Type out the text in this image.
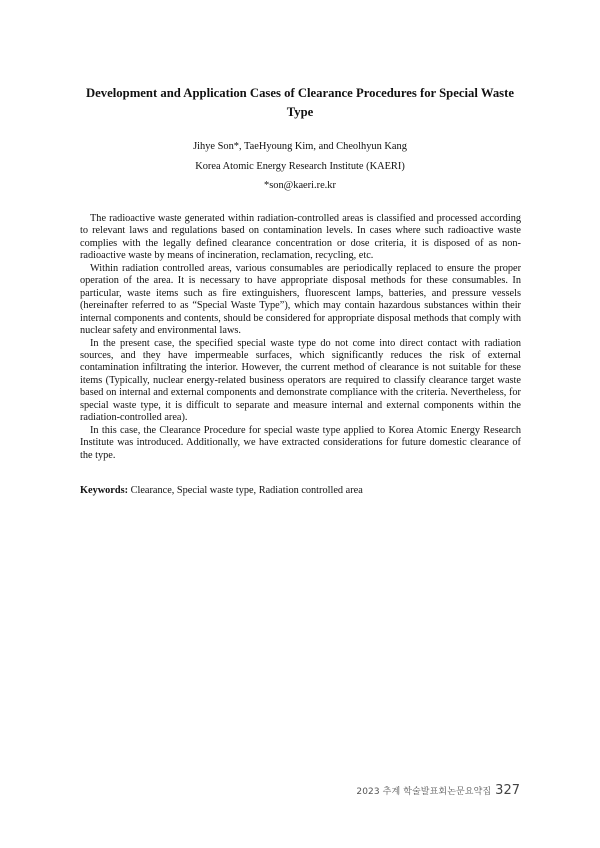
Development and Application Cases of Clearance Procedures for Special Waste Type
Jihye Son*, TaeHyoung Kim, and Cheolhyun Kang
Korea Atomic Energy Research Institute (KAERI)
*son@kaeri.re.kr

The radioactive waste generated within radiation-controlled areas is classified and processed according to relevant laws and regulations based on contamination levels. In cases where such radioactive waste complies with the legally defined clearance concentration or dose criteria, it is disposed of as non-radioactive waste by means of incineration, reclamation, recycling, etc.

Within radiation controlled areas, various consumables are periodically replaced to ensure the proper operation of the area. It is necessary to have appropriate disposal methods for these consumables. In particular, waste items such as fire extinguishers, fluorescent lamps, batteries, and pressure vessels (hereinafter referred to as “Special Waste Type”), which may contain hazardous substances within their internal components and contents, should be considered for appropriate disposal methods that comply with nuclear safety and environmental laws.

In the present case, the specified special waste type do not come into direct contact with radiation sources, and they have impermeable surfaces, which significantly reduces the risk of external contamination infiltrating the interior. However, the current method of clearance is not suitable for these items (Typically, nuclear energy-related business operators are required to classify clearance target waste based on internal and external components and demonstrate compliance with the criteria. Nevertheless, for special waste type, it is difficult to separate and measure internal and external components within the radiation-controlled area).

In this case, the Clearance Procedure for special waste type applied to Korea Atomic Energy Research Institute was introduced. Additionally, we have extracted considerations for future domestic clearance of the type.

Keywords: Clearance, Special waste type, Radiation controlled area
2023 추계 학술발표회논문요약집 327
